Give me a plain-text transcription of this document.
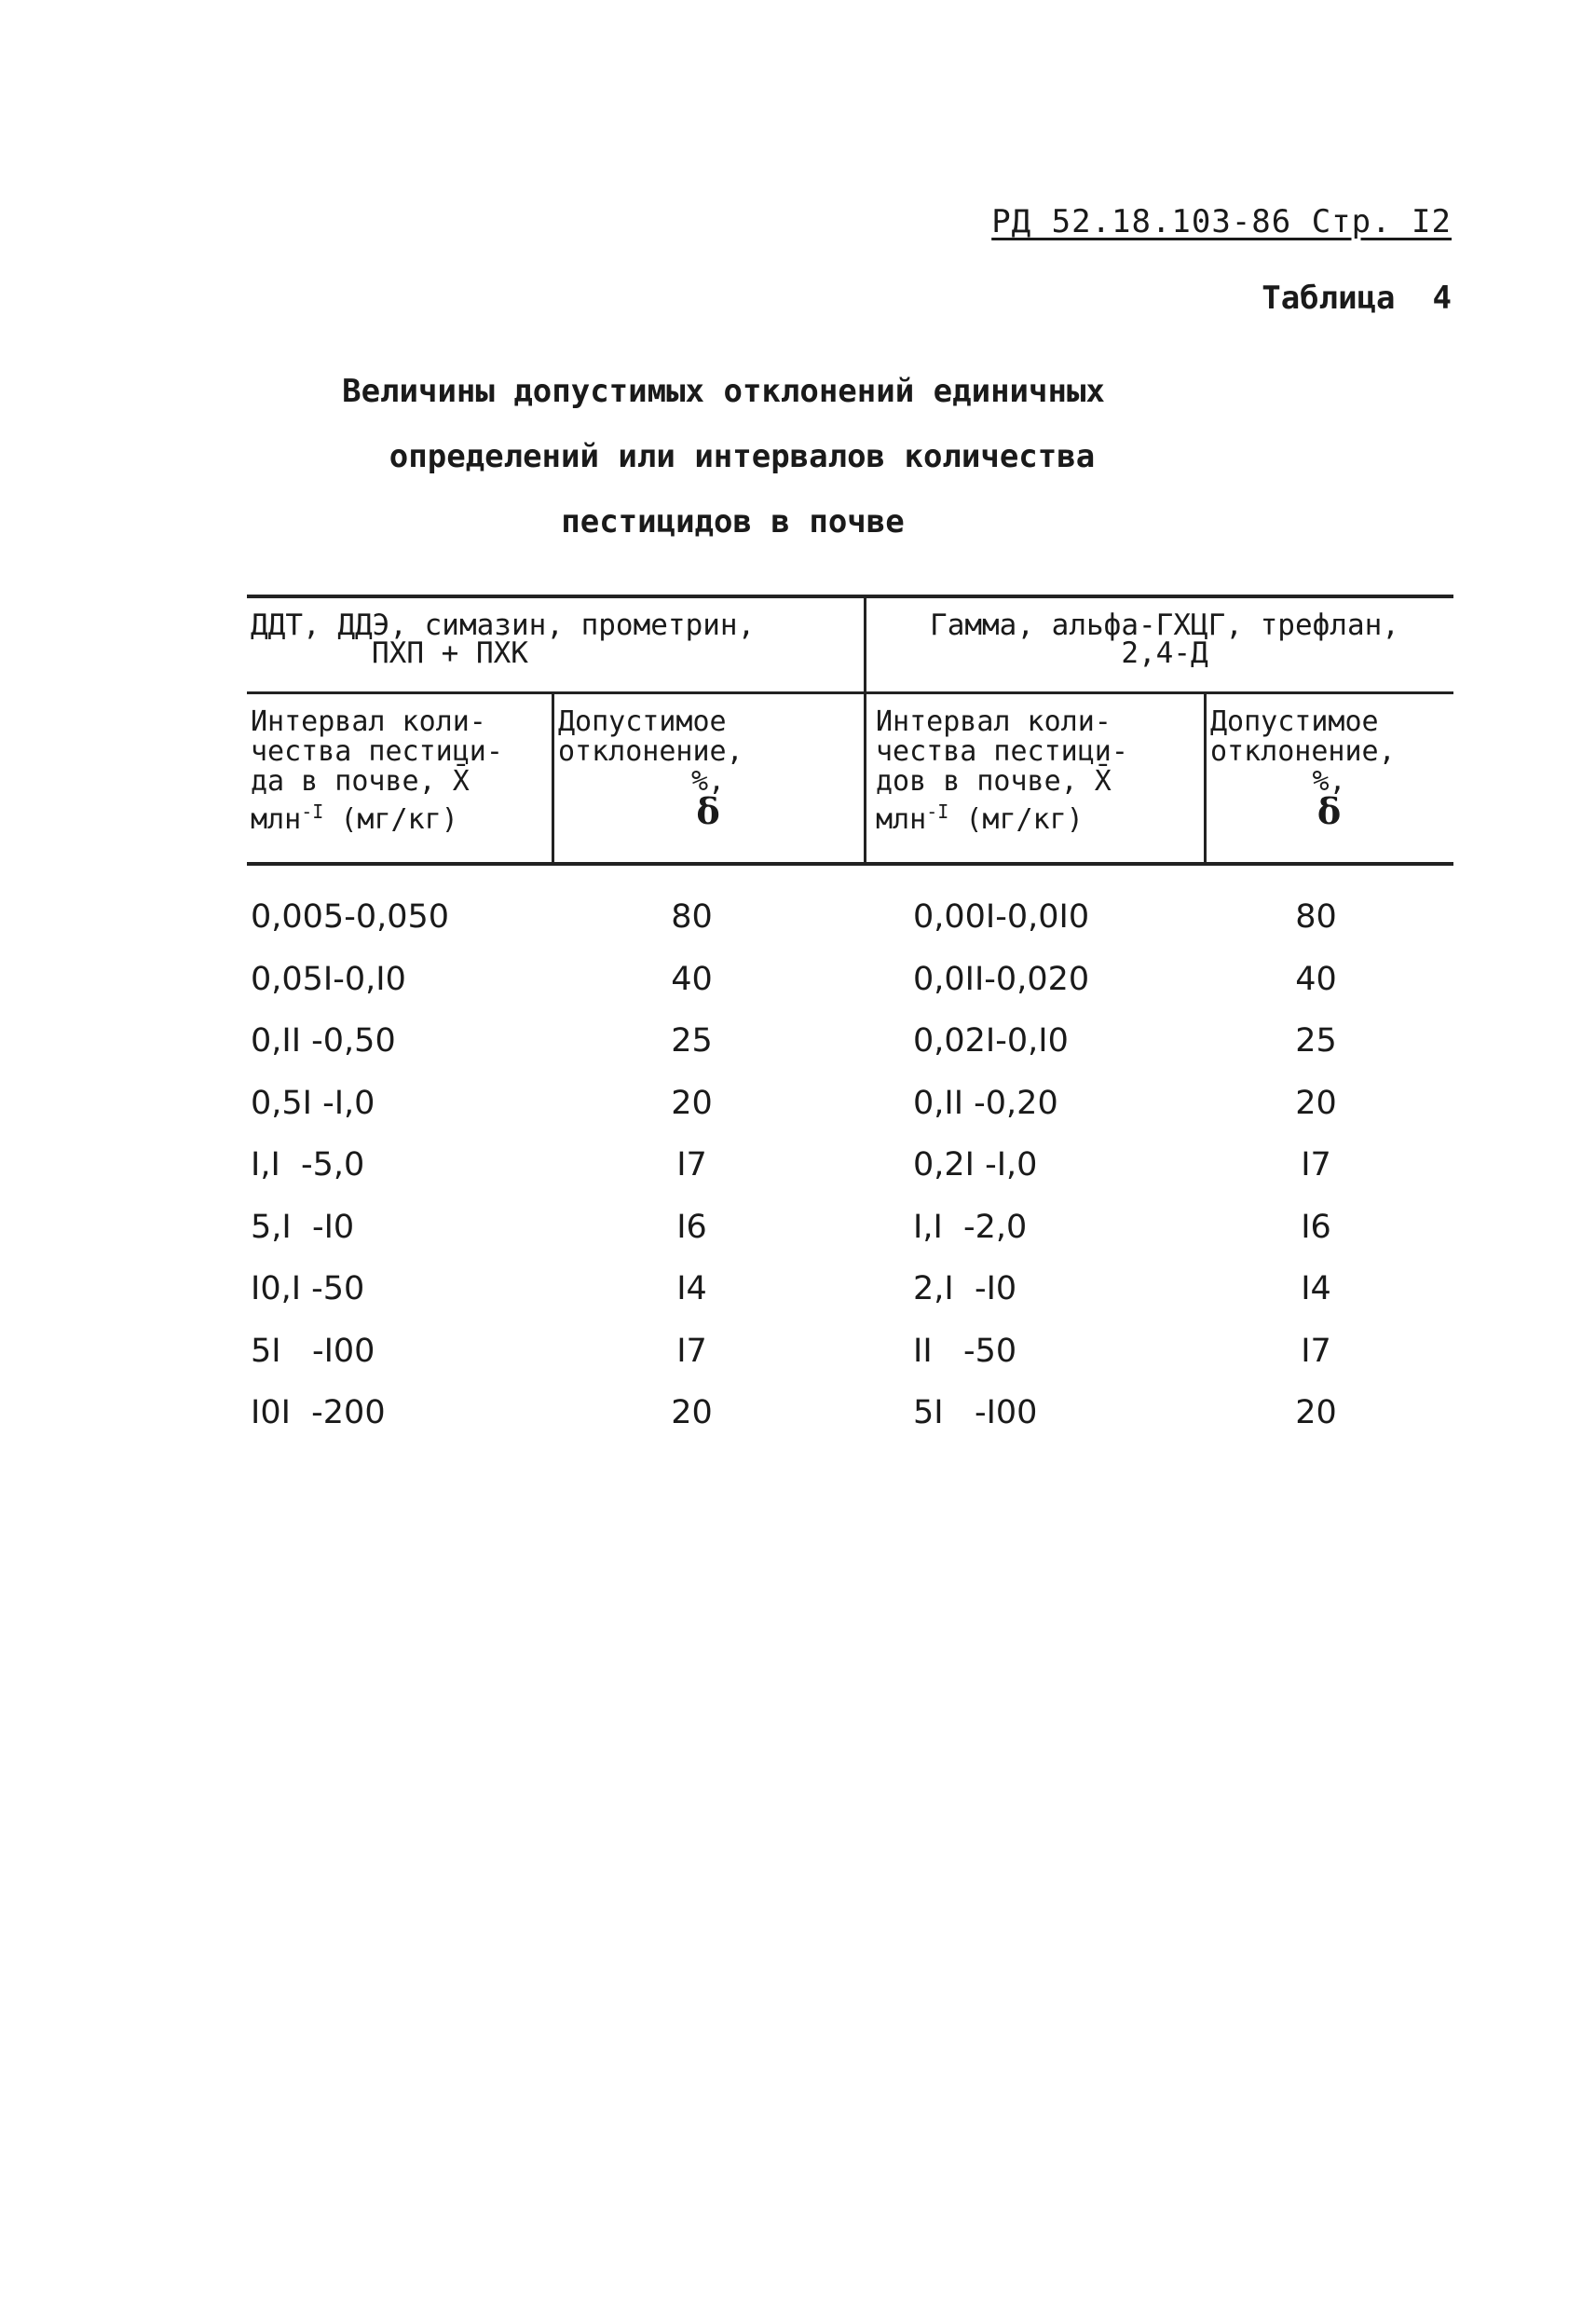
РД 52.18.103-86 Стр. I2
Таблица 4
Величины допустимых отклонений единичных
определений или интервалов количества
пестицидов в почве
ДДТ, ДДЭ, симазин, прометрин,
ПХП + ПХК
Гамма, альфа-ГХЦГ, трефлан,
2,4-Д
Интервал коли-
чества пестици-
да в почве, X̄
млн$^{-I}$ (мг/кг)
Допустимое
отклонение,
%,
δ
Интервал коли-
чества пестици-
дов в почве, X̄
млн$^{-I}$ (мг/кг)
Допустимое
отклонение,
%,
δ
0,005-0,050	80	0,00I-0,0I0	80
0,05I-0,I0	40	0,0II-0,020	40
0,II -0,50	25	0,02I-0,I0	25
0,5I -I,0	20	0,II -0,20	20
I,I  -5,0	I7	0,2I -I,0	I7
5,I  -I0	I6	I,I  -2,0	I6
I0,I -50	I4	2,I  -I0	I4
5I   -I00	I7	II   -50	I7
I0I  -200	20	5I   -I00	20
